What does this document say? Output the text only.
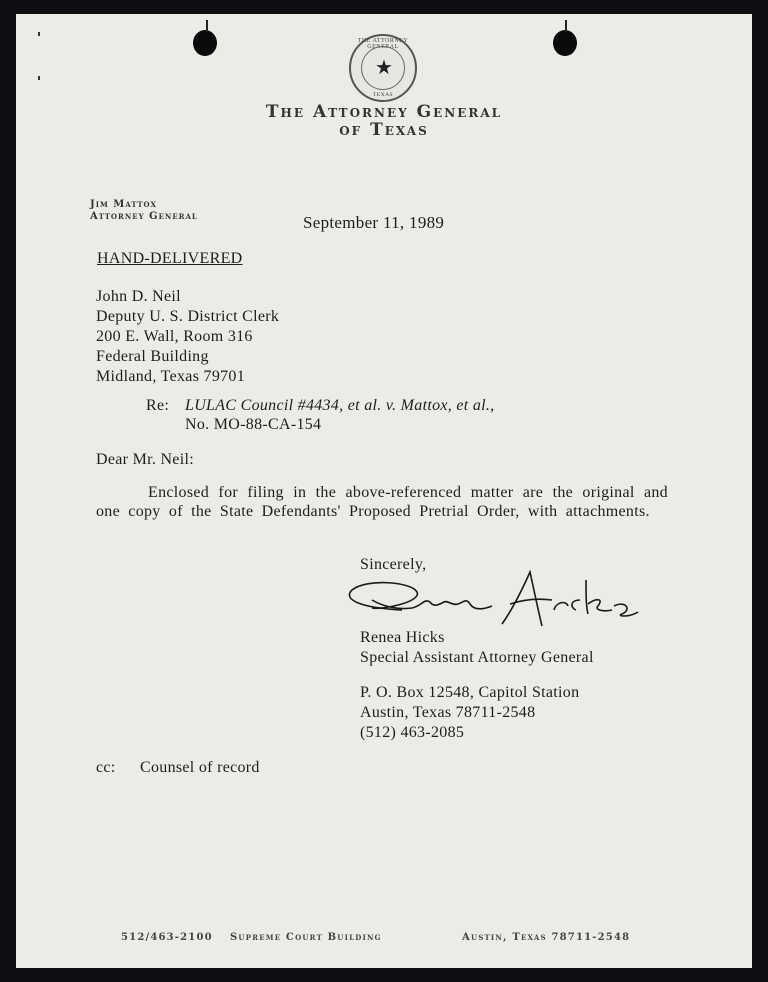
THE ATTORNEY GENERAL
★
TEXAS
The Attorney General
of Texas
Jim Mattox
Attorney General	September 11, 1989
HAND-DELIVERED
John D. Neil
Deputy U. S. District Clerk
200 E. Wall, Room 316
Federal Building
Midland, Texas 79701
Re: LULAC Council #4434, et al. v. Mattox, et al.,
No. MO-88-CA-154
Dear Mr. Neil:
Enclosed for filing in the above-referenced matter are the original and one copy of the State Defendants' Proposed Pretrial Order, with attachments.
Sincerely,
Renea Hicks
Special Assistant Attorney General
P. O. Box 12548, Capitol Station
Austin, Texas 78711-2548
(512) 463-2085
cc: Counsel of record
512/463-2100 Supreme Court Building	Austin, Texas 78711-2548
